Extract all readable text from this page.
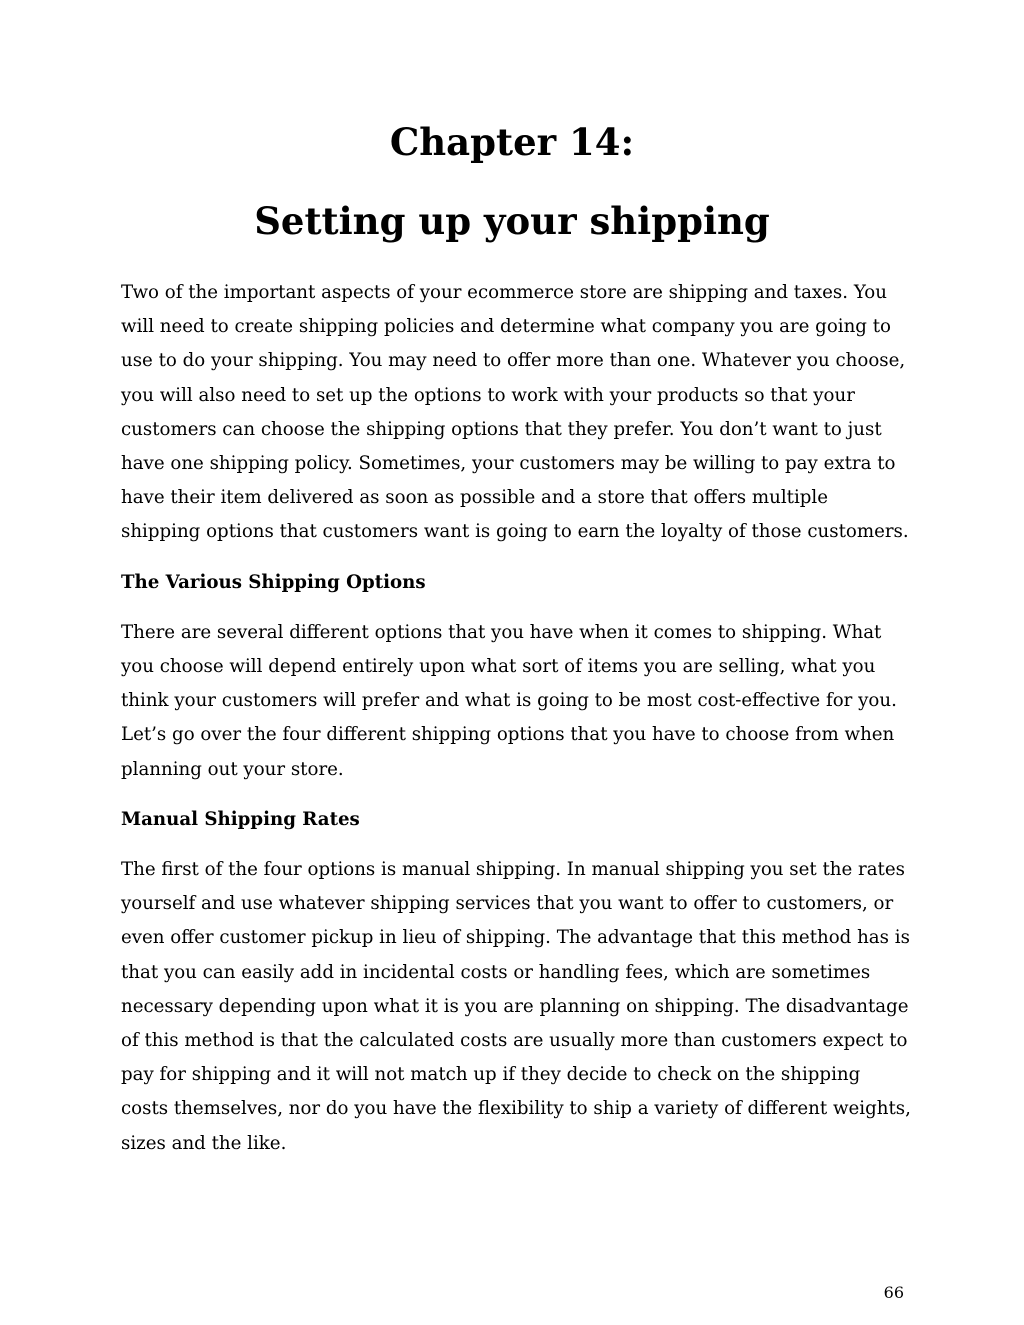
Chapter 14:
Setting up your shipping

Two of the important aspects of your ecommerce store are shipping and taxes. You will need to create shipping policies and determine what company you are going to use to do your shipping. You may need to offer more than one. Whatever you choose, you will also need to set up the options to work with your products so that your customers can choose the shipping options that they prefer. You don’t want to just have one shipping policy. Sometimes, your customers may be willing to pay extra to have their item delivered as soon as possible and a store that offers multiple shipping options that customers want is going to earn the loyalty of those customers.

The Various Shipping Options

There are several different options that you have when it comes to shipping. What you choose will depend entirely upon what sort of items you are selling, what you think your customers will prefer and what is going to be most cost-effective for you. Let’s go over the four different shipping options that you have to choose from when planning out your store.

Manual Shipping Rates

The first of the four options is manual shipping. In manual shipping you set the rates yourself and use whatever shipping services that you want to offer to customers, or even offer customer pickup in lieu of shipping. The advantage that this method has is that you can easily add in incidental costs or handling fees, which are sometimes necessary depending upon what it is you are planning on shipping. The disadvantage of this method is that the calculated costs are usually more than customers expect to pay for shipping and it will not match up if they decide to check on the shipping costs themselves, nor do you have the flexibility to ship a variety of different weights, sizes and the like.

66
